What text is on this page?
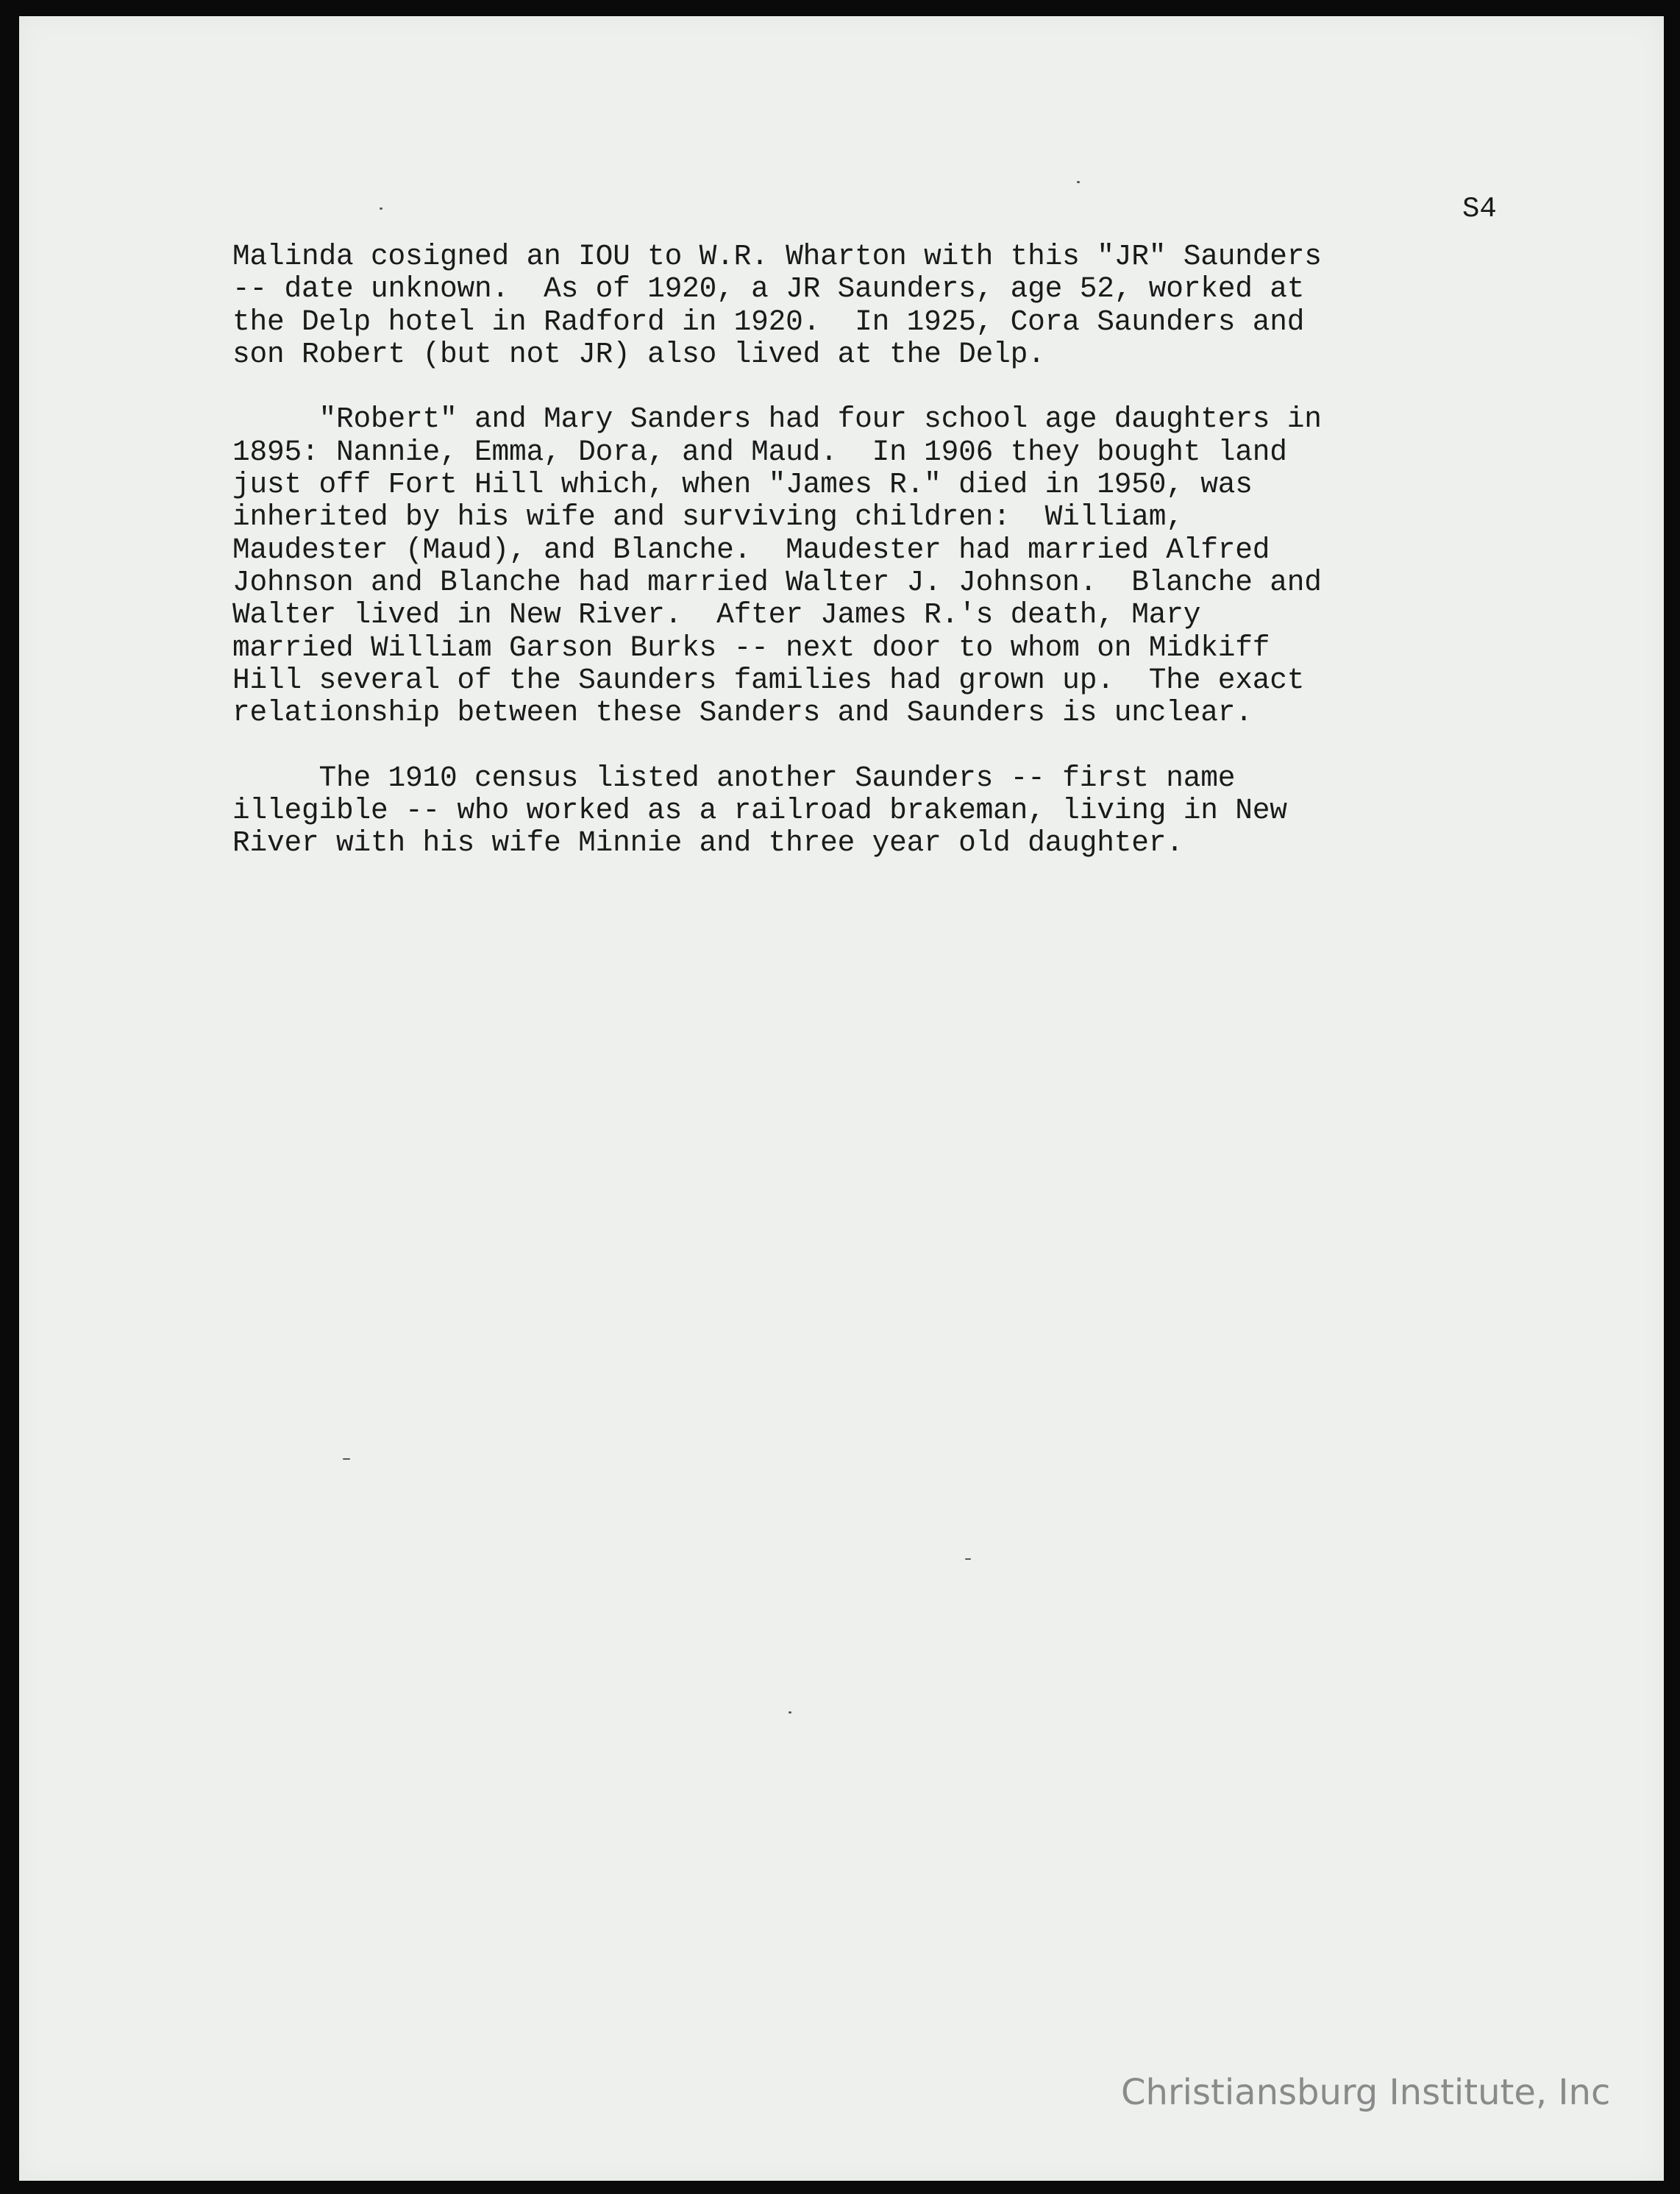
S4

Malinda cosigned an IOU to W.R. Wharton with this "JR" Saunders
-- date unknown.  As of 1920, a JR Saunders, age 52, worked at
the Delp hotel in Radford in 1920.  In 1925, Cora Saunders and
son Robert (but not JR) also lived at the Delp.

"Robert" and Mary Sanders had four school age daughters in
1895: Nannie, Emma, Dora, and Maud.  In 1906 they bought land
just off Fort Hill which, when "James R." died in 1950, was
inherited by his wife and surviving children:  William,
Maudester (Maud), and Blanche.  Maudester had married Alfred
Johnson and Blanche had married Walter J. Johnson.  Blanche and
Walter lived in New River.  After James R.'s death, Mary
married William Garson Burks -- next door to whom on Midkiff
Hill several of the Saunders families had grown up.  The exact
relationship between these Sanders and Saunders is unclear.

The 1910 census listed another Saunders -- first name
illegible -- who worked as a railroad brakeman, living in New
River with his wife Minnie and three year old daughter.

Christiansburg Institute, Inc
